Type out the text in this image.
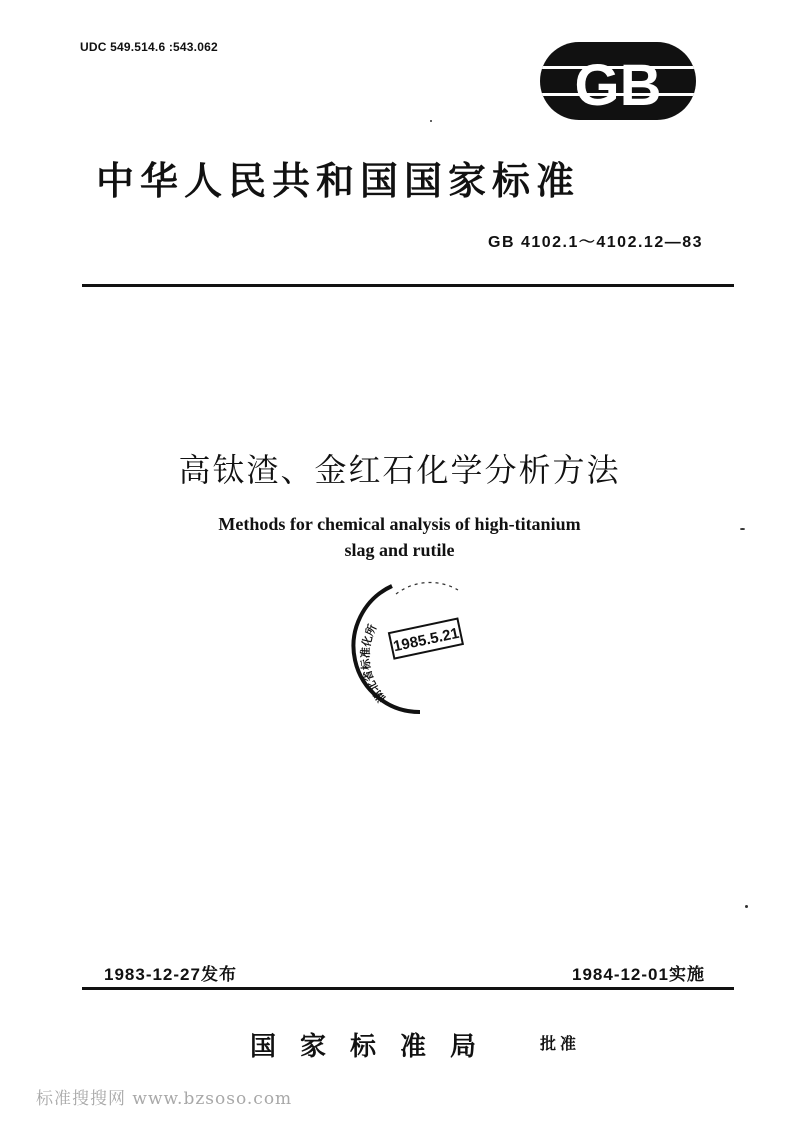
UDC 549.514.6 :543.062
GB
中华人民共和国国家标准
GB 4102.1～4102.12—83
高钛渣、金红石化学分析方法
Methods for chemical analysis of high-titanium
slag and rutile
湖北省标准化所 1985.5.21
1983-12-27发布	1984-12-01实施
国家标准局 批准
标准搜搜网 www.bzsoso.com
